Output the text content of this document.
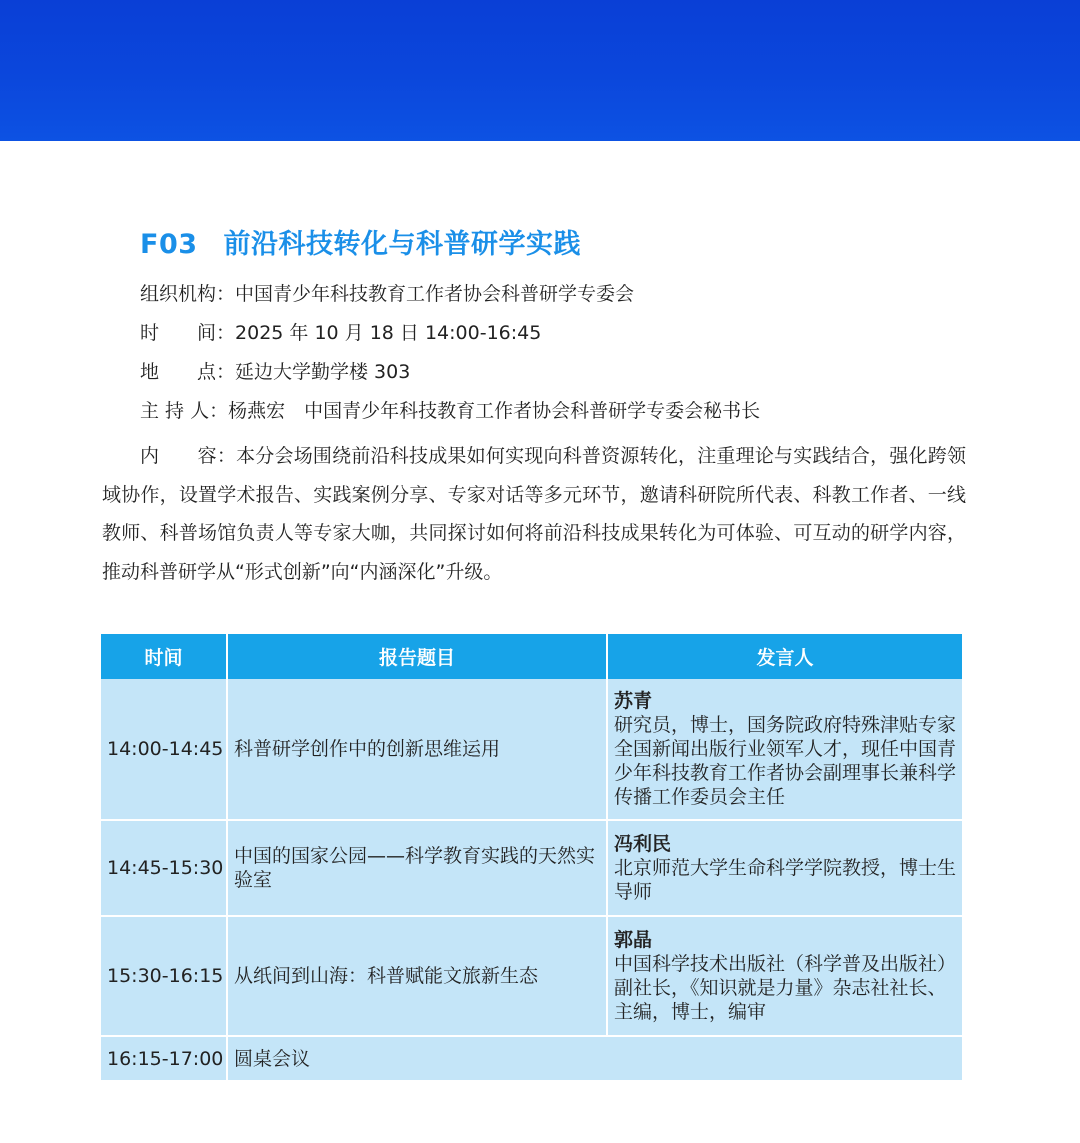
F03 前沿科技转化与科普研学实践
组织机构：中国青少年科技教育工作者协会科普研学专委会
时　　间：2025 年 10 月 18 日 14:00-16:45
地　　点：延边大学勤学楼 303
主 持 人：杨燕宏　中国青少年科技教育工作者协会科普研学专委会秘书长
内　　容：本分会场围绕前沿科技成果如何实现向科普资源转化，注重理论与实践结合，强化跨领域协作，设置学术报告、实践案例分享、专家对话等多元环节，邀请科研院所代表、科教工作者、一线教师、科普场馆负责人等专家大咖，共同探讨如何将前沿科技成果转化为可体验、可互动的研学内容，推动科普研学从“形式创新”向“内涵深化”升级。
时间	报告题目	发言人
14:00-14:45	科普研学创作中的创新思维运用	苏青
研究员，博士，国务院政府特殊津贴专家全国新闻出版行业领军人才，现任中国青少年科技教育工作者协会副理事长兼科学传播工作委员会主任

14:45-15:30	中国的国家公园——科学教育实践的天然实验室	冯利民
北京师范大学生命科学学院教授，博士生导师

15:30-16:15	从纸间到山海：科普赋能文旅新生态	郭晶
中国科学技术出版社（科学普及出版社）副社长，《知识就是力量》杂志社社长、主编，博士，编审

16:15-17:00	圆桌会议	
